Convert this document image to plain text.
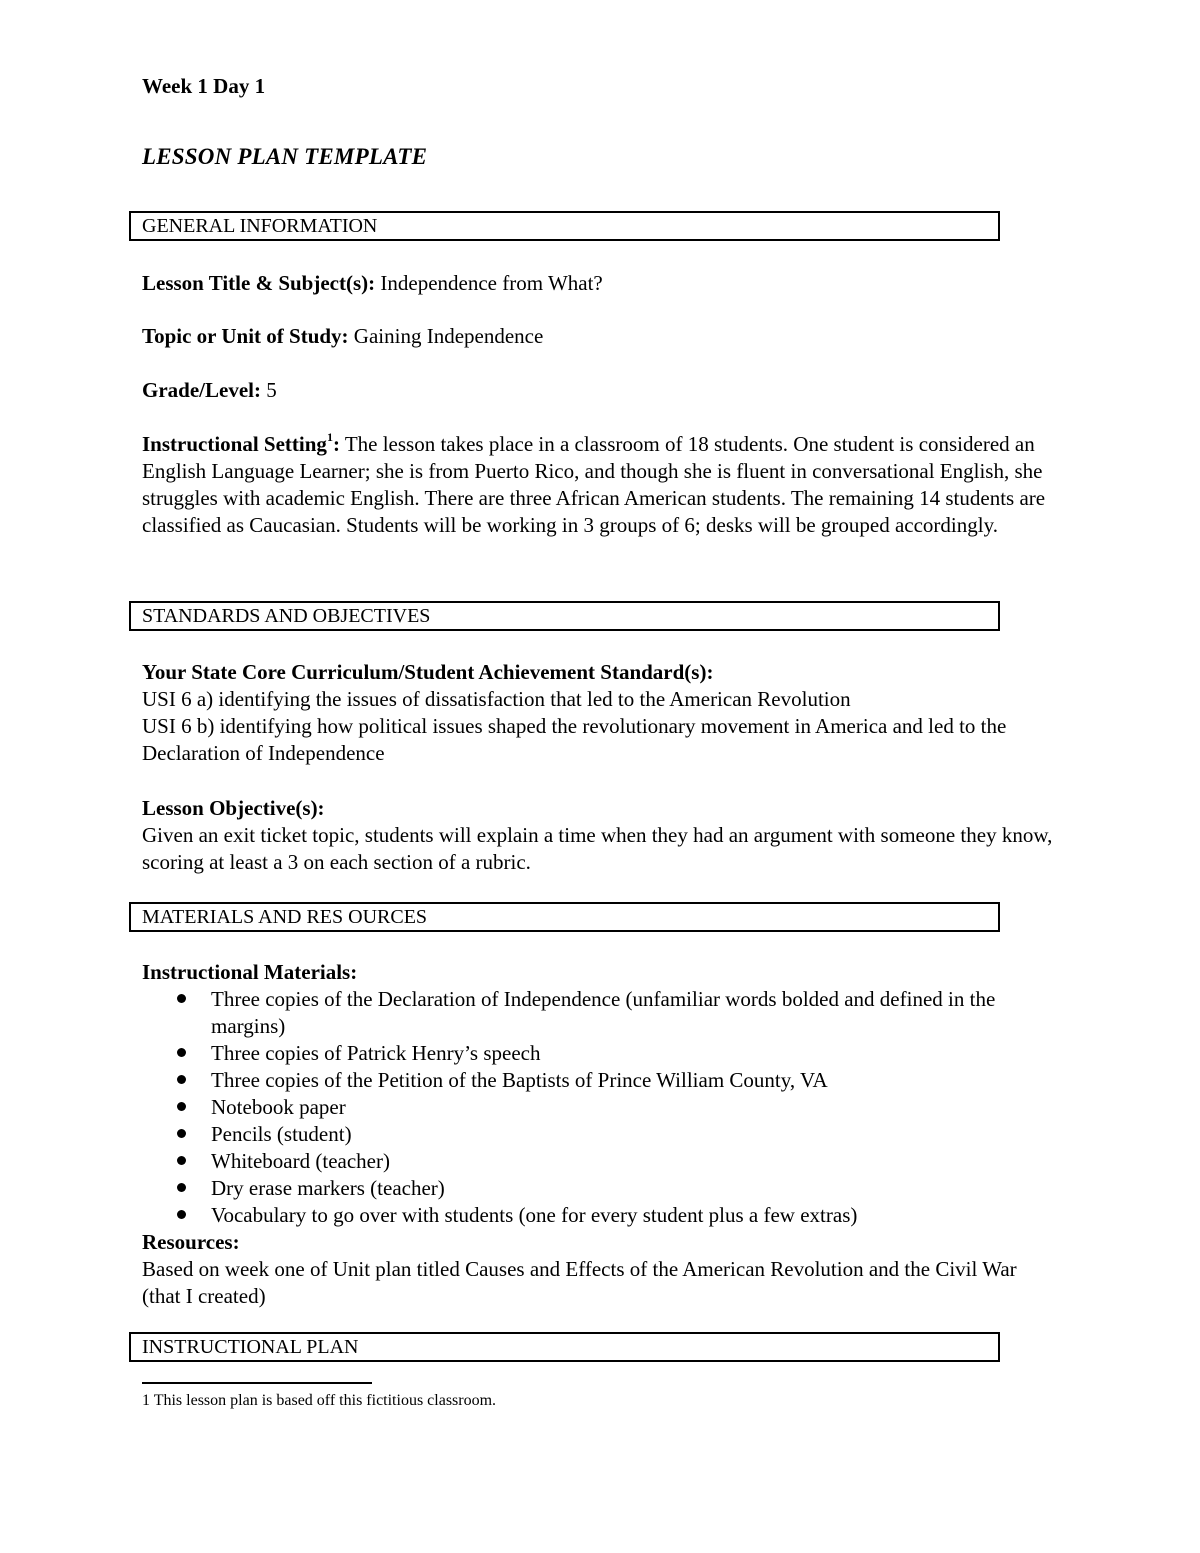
Week 1 Day 1
LESSON PLAN TEMPLATE
GENERAL INFORMATION
Lesson Title & Subject(s): Independence from What?
Topic or Unit of Study: Gaining Independence
Grade/Level: 5
Instructional Setting$^1$: The lesson takes place in a classroom of 18 students. One student is considered an English Language Learner; she is from Puerto Rico, and though she is fluent in conversational English, she struggles with academic English. There are three African American students. The remaining 14 students are classified as Caucasian. Students will be working in 3 groups of 6; desks will be grouped accordingly.
STANDARDS AND OBJECTIVES
Your State Core Curriculum/Student Achievement Standard(s):
USI 6 a) identifying the issues of dissatisfaction that led to the American Revolution
USI 6 b) identifying how political issues shaped the revolutionary movement in America and led to the Declaration of Independence
Lesson Objective(s):
Given an exit ticket topic, students will explain a time when they had an argument with someone they know, scoring at least a 3 on each section of a rubric.
MATERIALS AND RES OURCES
Instructional Materials:
Three copies of the Declaration of Independence (unfamiliar words bolded and defined in the margins)
Three copies of Patrick Henry’s speech
Three copies of the Petition of the Baptists of Prince William County, VA
Notebook paper
Pencils (student)
Whiteboard (teacher)
Dry erase markers (teacher)
Vocabulary to go over with students (one for every student plus a few extras)
Resources:
Based on week one of Unit plan titled Causes and Effects of the American Revolution and the Civil War (that I created)
INSTRUCTIONAL PLAN
1 This lesson plan is based off this fictitious classroom.
